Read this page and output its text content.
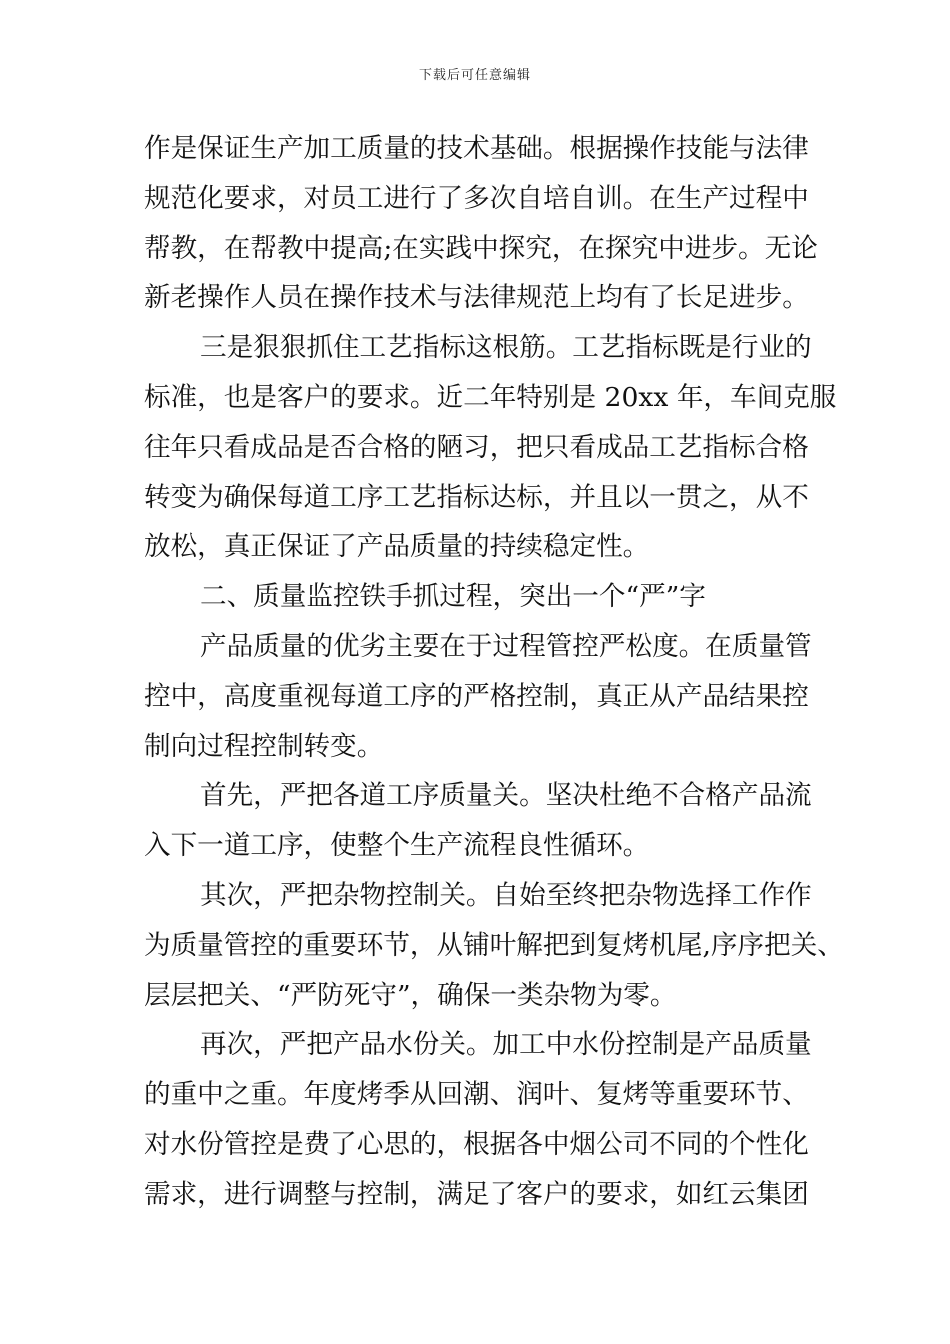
下载后可任意编辑
作是保证生产加工质量的技术基础。根据操作技能与法律
规范化要求，对员工进行了多次自培自训。在生产过程中
帮教，在帮教中提高;在实践中探究，在探究中进步。无论
新老操作人员在操作技术与法律规范上均有了长足进步。
三是狠狠抓住工艺指标这根筋。工艺指标既是行业的
标准，也是客户的要求。近二年特别是 20xx 年，车间克服
往年只看成品是否合格的陋习，把只看成品工艺指标合格
转变为确保每道工序工艺指标达标，并且以一贯之，从不
放松，真正保证了产品质量的持续稳定性。
二、质量监控铁手抓过程，突出一个“严”字
产品质量的优劣主要在于过程管控严松度。在质量管
控中，高度重视每道工序的严格控制，真正从产品结果控
制向过程控制转变。
首先，严把各道工序质量关。坚决杜绝不合格产品流
入下一道工序，使整个生产流程良性循环。
其次，严把杂物控制关。自始至终把杂物选择工作作
为质量管控的重要环节，从铺叶解把到复烤机尾,序序把关、
层层把关、“严防死守”，确保一类杂物为零。
再次，严把产品水份关。加工中水份控制是产品质量
的重中之重。年度烤季从回潮、润叶、复烤等重要环节、
对水份管控是费了心思的，根据各中烟公司不同的个性化
需求，进行调整与控制，满足了客户的要求，如红云集团
